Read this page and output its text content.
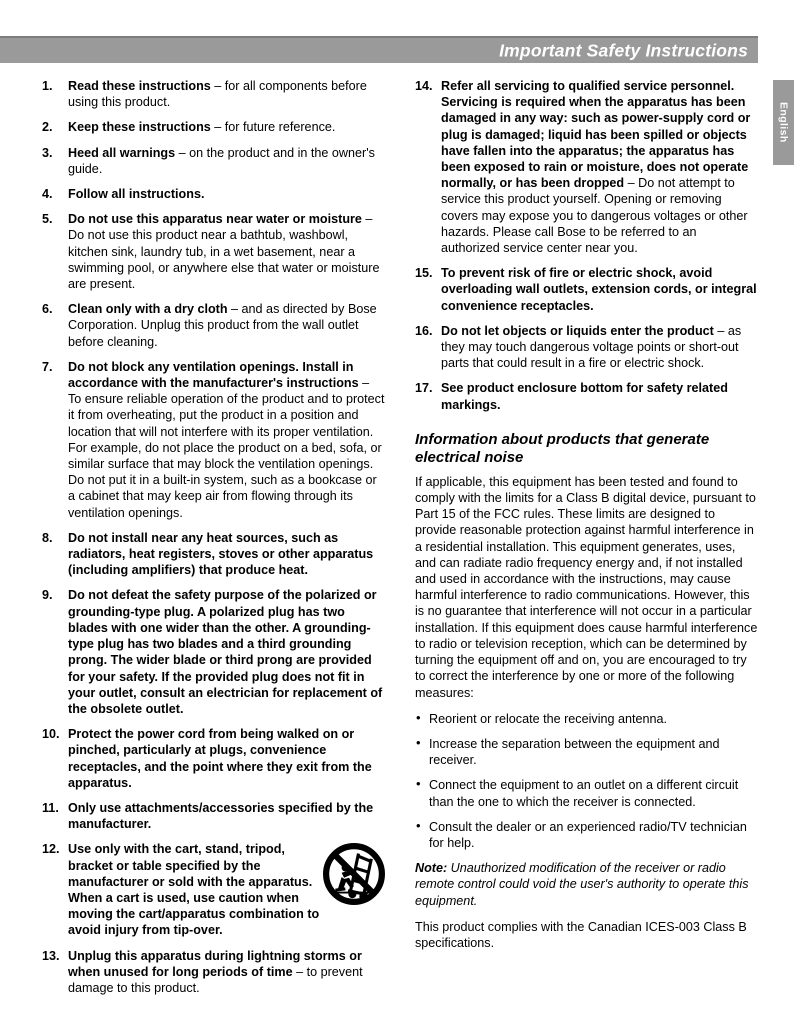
Important Safety Instructions
English
1.	Read these instructions – for all components before using this product.
2.	Keep these instructions – for future reference.
3.	Heed all warnings – on the product and in the owner's guide.
4.	Follow all instructions.
5.	Do not use this apparatus near water or moisture – Do not use this product near a bathtub, washbowl, kitchen sink, laundry tub, in a wet basement, near a swimming pool, or anywhere else that water or moisture are present.
6.	Clean only with a dry cloth – and as directed by Bose Corporation. Unplug this product from the wall outlet before cleaning.
7.	Do not block any ventilation openings. Install in accordance with the manufacturer's instructions – To ensure reliable operation of the product and to protect it from overheating, put the product in a position and location that will not interfere with its proper ventilation. For example, do not place the product on a bed, sofa, or similar surface that may block the ventilation openings. Do not put it in a built-in system, such as a bookcase or a cabinet that may keep air from flowing through its ventilation openings.
8.	Do not install near any heat sources, such as radiators, heat registers, stoves or other apparatus (including amplifiers) that produce heat.
9.	Do not defeat the safety purpose of the polarized or grounding-type plug. A polarized plug has two blades with one wider than the other. A grounding-type plug has two blades and a third grounding prong. The wider blade or third prong are provided for your safety. If the provided plug does not fit in your outlet, consult an electrician for replacement of the obsolete outlet.
10. Protect the power cord from being walked on or pinched, particularly at plugs, convenience receptacles, and the point where they exit from the apparatus.
11. Only use attachments/accessories specified by the manufacturer.
12. Use only with the cart, stand, tripod, bracket or table specified by the manufacturer or sold with the apparatus. When a cart is used, use caution when moving the cart/apparatus combination to avoid injury from tip-over.
13. Unplug this apparatus during lightning storms or when unused for long periods of time – to prevent damage to this product.
14. Refer all servicing to qualified service personnel. Servicing is required when the apparatus has been damaged in any way: such as power-supply cord or plug is damaged; liquid has been spilled or objects have fallen into the apparatus; the apparatus has been exposed to rain or moisture, does not operate normally, or has been dropped – Do not attempt to service this product yourself. Opening or removing covers may expose you to dangerous voltages or other hazards. Please call Bose to be referred to an authorized service center near you.
15. To prevent risk of fire or electric shock, avoid overloading wall outlets, extension cords, or integral convenience receptacles.
16. Do not let objects or liquids enter the product – as they may touch dangerous voltage points or short-out parts that could result in a fire or electric shock.
17. See product enclosure bottom for safety related markings.
Information about products that generate electrical noise

If applicable, this equipment has been tested and found to comply with the limits for a Class B digital device, pursuant to Part 15 of the FCC rules. These limits are designed to provide reasonable protection against harmful interference in a residential installation. This equipment generates, uses, and can radiate radio frequency energy and, if not installed and used in accordance with the instructions, may cause harmful interference to radio communications. However, this is no guarantee that interference will not occur in a particular installation. If this equipment does cause harmful interference to radio or television reception, which can be determined by turning the equipment off and on, you are encouraged to try to correct the interference by one or more of the following measures:

• Reorient or relocate the receiving antenna.
• Increase the separation between the equipment and receiver.
• Connect the equipment to an outlet on a different circuit than the one to which the receiver is connected.
• Consult the dealer or an experienced radio/TV technician for help.

Note: Unauthorized modification of the receiver or radio remote control could void the user's authority to operate this equipment.

This product complies with the Canadian ICES-003 Class B specifications.
